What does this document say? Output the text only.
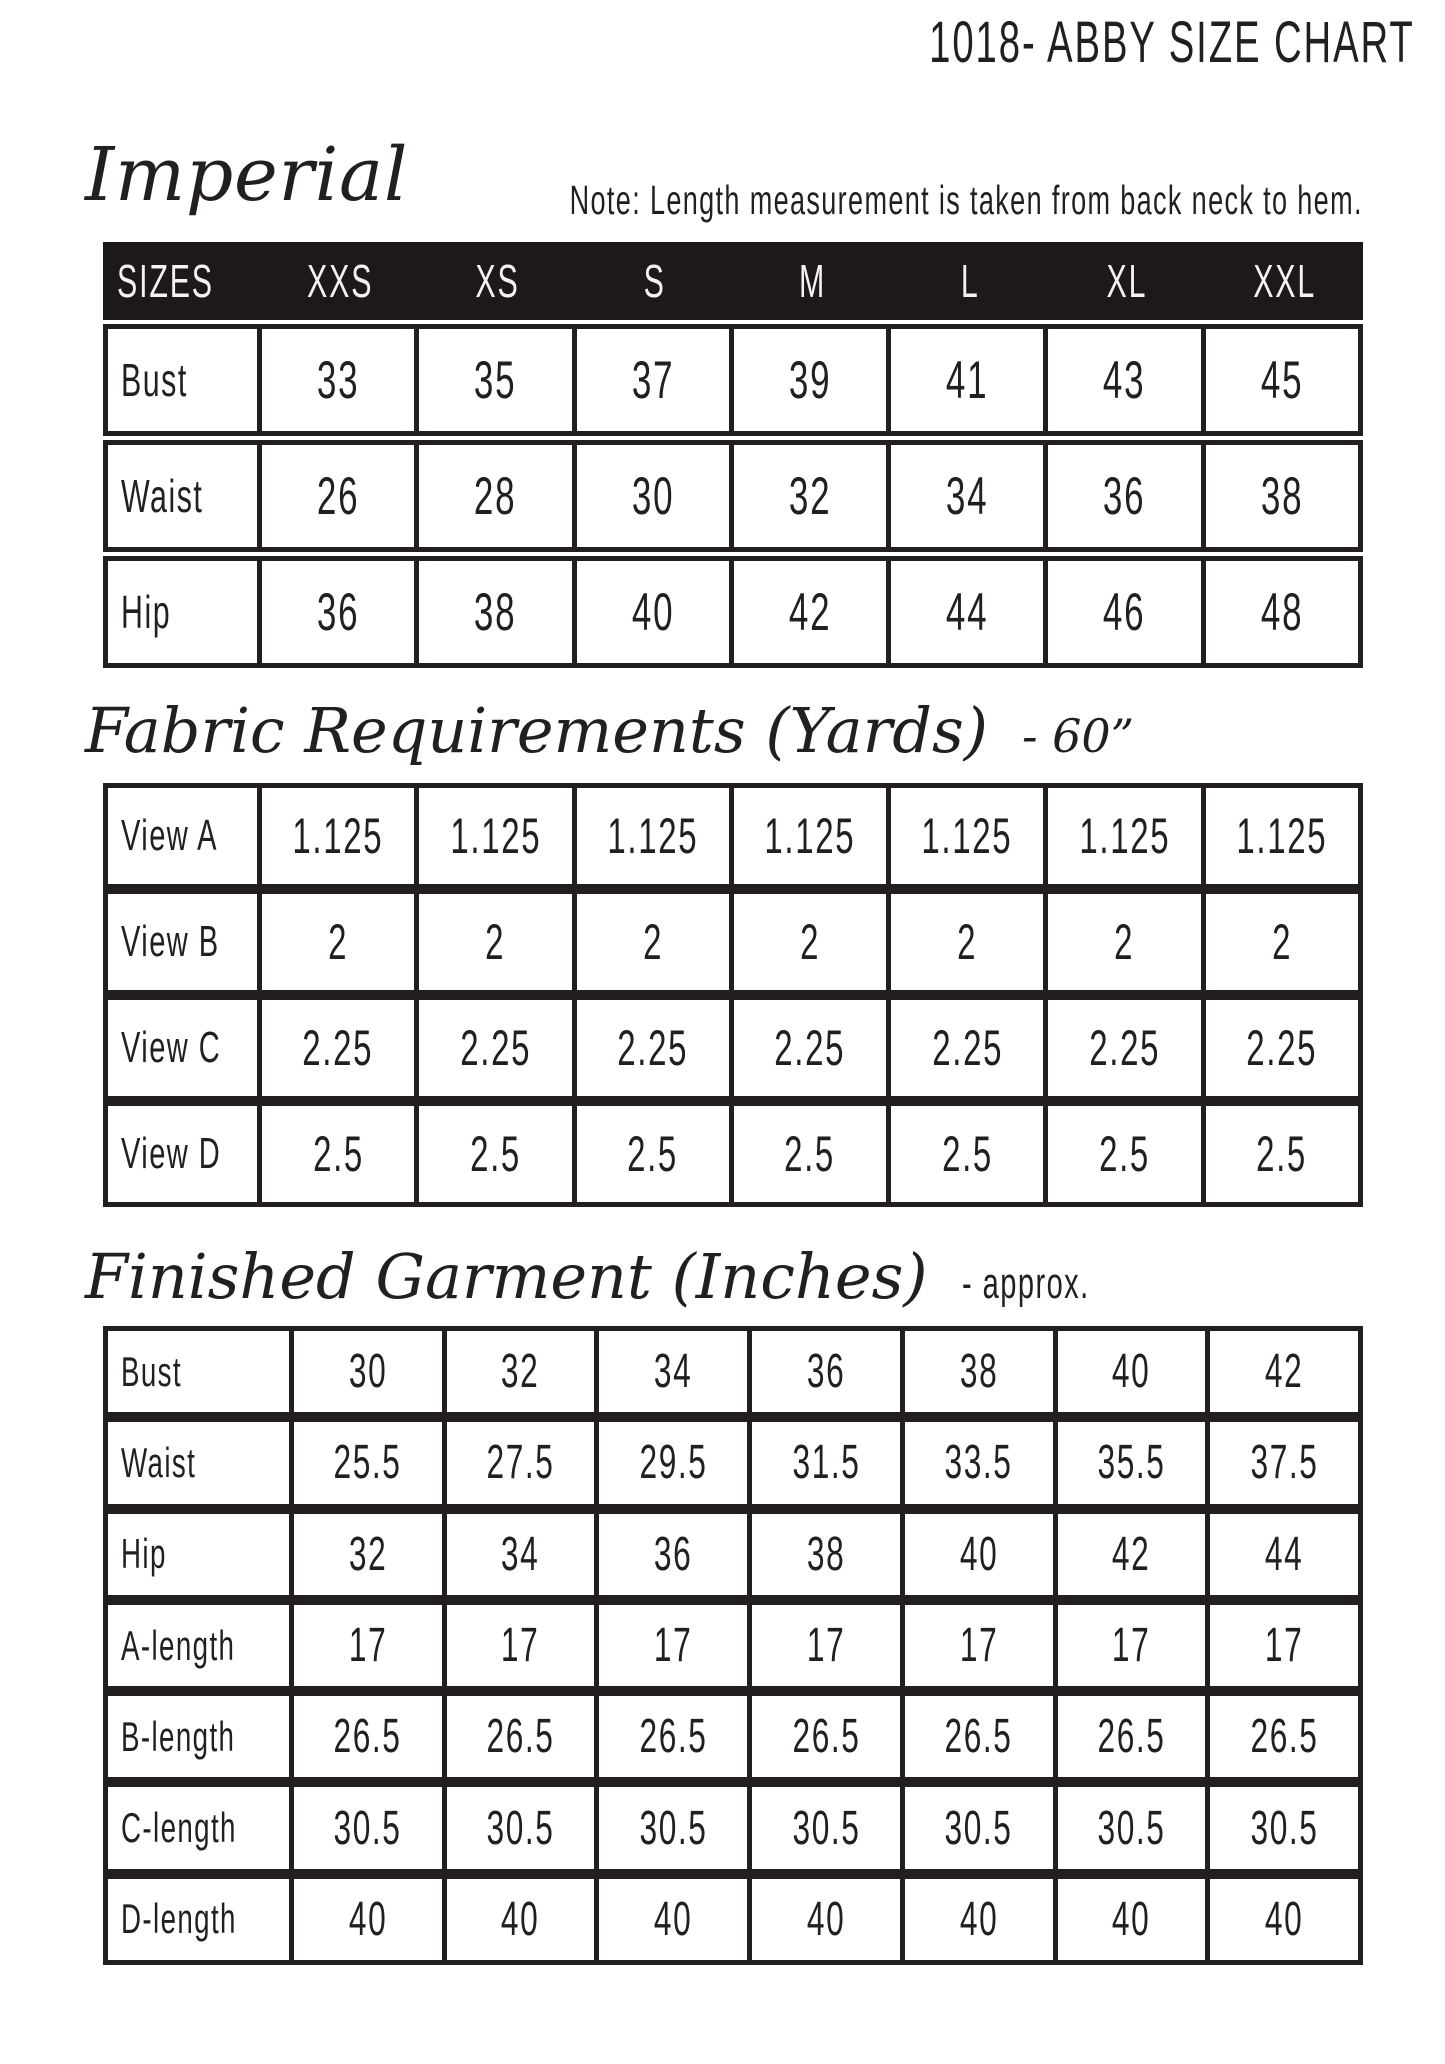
1018- ABBY SIZE CHART
Imperial	Note: Length measurement is taken from back neck to hem.
SIZES	XXS	XS	S	M	L	XL	XXL
Bust 33 35 37 39 41 43 45
Waist 26 28 30 32 34 36 38
Hip	36 38 40 42 44 46 48
Fabric Requirements (Yards) - 60”
View A 1.125 1.125 1.125 1.125 1.125 1.125 1.125
View B 2	2	2	2	2	2	2
View C 2.25 2.25 2.25 2.25 2.25 2.25 2.25
View D 2.5 2.5 2.5 2.5 2.5 2.5 2.5
Finished Garment (Inches) - approx.
Bust	30 32 34 36 38 40 42
Waist	25.5 27.5 29.5 31.5 33.5 35.5 37.5
Hip	32 34 36 38 40 42 44
A-length 17 17 17 17 17 17 17
B-length 26.5 26.5 26.5 26.5 26.5 26.5 26.5
C-length 30.5 30.5 30.5 30.5 30.5 30.5 30.5
D-length 40 40 40 40 40 40 40
